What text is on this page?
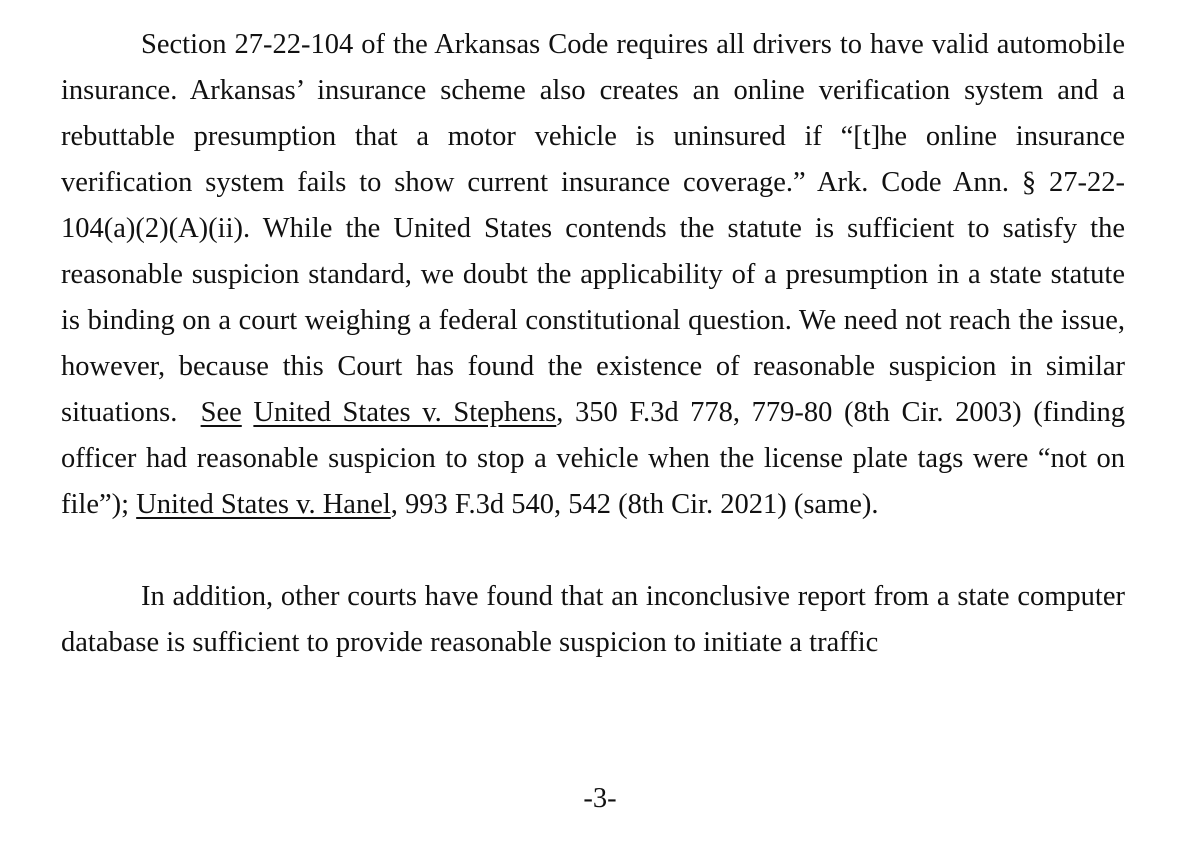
Section 27-22-104 of the Arkansas Code requires all drivers to have valid automobile insurance. Arkansas’ insurance scheme also creates an online verification system and a rebuttable presumption that a motor vehicle is uninsured if “[t]he online insurance verification system fails to show current insurance coverage.” Ark. Code Ann. § 27-22-104(a)(2)(A)(ii). While the United States contends the statute is sufficient to satisfy the reasonable suspicion standard, we doubt the applicability of a presumption in a state statute is binding on a court weighing a federal constitutional question. We need not reach the issue, however, because this Court has found the existence of reasonable suspicion in similar situations. See United States v. Stephens, 350 F.3d 778, 779-80 (8th Cir. 2003) (finding officer had reasonable suspicion to stop a vehicle when the license plate tags were “not on file”); United States v. Hanel, 993 F.3d 540, 542 (8th Cir. 2021) (same).

In addition, other courts have found that an inconclusive report from a state computer database is sufficient to provide reasonable suspicion to initiate a traffic

-3-
